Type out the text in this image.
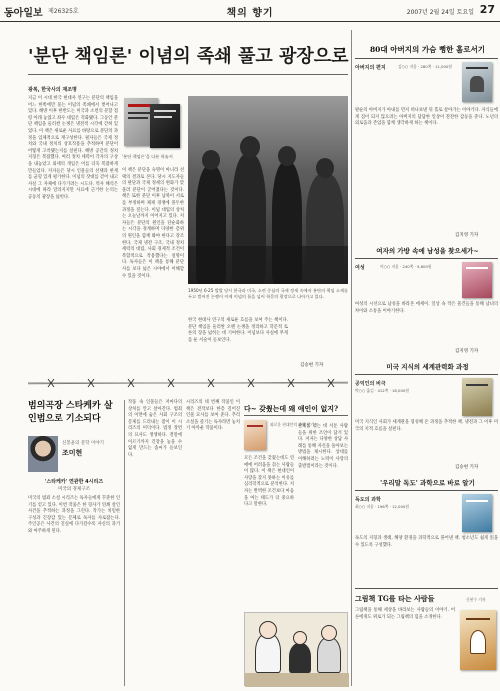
동아일보 제26325호	책의 향기	2007년 2월 24일 토요일 27
'분단 책임론' 이념의 족쇄 풀고 광장으로
광복, 한국사의 재조명
지금 이 시대 한국 현대사 연구는 분단의 책임을 어느 한쪽에만 묻는 이념의 족쇄에서 벗어나고 있다. 해방 이후 한반도는 미국과 소련의 분할 점령 아래 놓였고 좌우 대립은 격화됐다. 그동안 분단 책임을 둘러싼 논쟁은 냉전적 시각에 갇혀 있었다. 이 책은 새로운 사료를 바탕으로 분단의 과정을 입체적으로 재구성한다. 필자들은 국제 정치와 국내 정치의 상호작용을 추적하며 분단이 어떻게 고착됐는지를 살핀다. 해방 공간의 정치 지형은 복잡했다. 여러 정치 세력이 각자의 구상을 내놓았고 외세의 개입은 이를 더욱 복잡하게 만들었다. 저자들은 당시 인물들의 선택과 한계를 균형 있게 평가한다. 이념의 잣대를 걷어 내고 사실 그 자체에 다가가려는 시도다. 역사 해석은 시대에 따라 달라지지만 사료에 근거한 논의는 공동의 광장을 넓힌다.
'분단 책임론'을 다룬 학술서
이 책은 분단을 숙명이 아니라 선택의 결과로 본다. 당시 지도자들의 판단과 국제 정세의 변화가 맞물려 분단이 굳어졌다는 것이다. 책은 또한 분단 이후 남북이 서로를 부정하며 체제 경쟁에 몰두한 과정을 짚는다. 이념 대립의 상처는 오늘날까지 이어지고 있다. 저자들은 분단의 원인을 단순화하는 시각을 경계하며 다양한 층위의 원인을 함께 봐야 한다고 강조한다. 국제 냉전 구조, 국내 정치 세력의 대립, 사회 경제적 조건이 복합적으로 작용했다는 설명이다. 독자들은 이 책을 통해 분단사를 보다 넓은 시야에서 이해할 수 있을 것이다.
1950년 6·25 발발 당시 한국과 미국, 소련 중심의 국제 정세 속에서 분단의 책임 소재를 두고 벌어진 논쟁이 이제 이념의 틀을 넘어 학문의 광장으로 나아가고 있다.
한국 현대사 연구의 새로운 흐름을 보여 주는 책이다. 분단 책임을 둘러싼 오랜 논쟁을 정리하고 학문적 토론의 장을 넓히는 데 기여한다. 이념보다 사실에 무게를 둔 서술이 돋보인다.
김승현 기자
범의곡장 스타케카 살인범으로 기소되다
신봉윤의 문학 이야기
조미현
'스타케카' 연관한 4시리즈
미국의 경제구조
미국의 범죄 소설 시리즈는 독자들에게 꾸준한 인기를 얻고 있다. 이번 작품은 한 형사가 연쇄 살인 사건을 추적하는 과정을 그린다. 작가는 치밀한 구성과 긴장감 있는 문체로 독자를 사로잡는다. 주인공은 사건의 진실에 다가갈수록 자신의 과거와 마주하게 된다.
작품 속 인물들은 저마다의 상처를 안고 살아간다. 범죄의 이면에 숨은 사회 구조의 문제를 드러내는 점이 이 시리즈의 미덕이다. 법정 장면의 묘사도 생생하다. 결말에 이르기까지 긴장을 놓을 수 없게 만드는 솜씨가 돋보인다.
시리즈의 네 번째 작품인 이 책은 전작보다 한층 깊어진 인물 묘사를 보여 준다. 추리 소설을 즐기는 독자라면 놓치기 아까운 작품이다.
다~ 갖췄는데 왜 애인이 없지?
외로운 현대인의 사랑 찾기
모든 조건을 갖췄는데도 연애에 어려움을 겪는 사람들이 많다. 이 책은 현대인이 사랑을 찾지 못하는 이유를 심리학적으로 분석한다. 저자는 완벽한 조건보다 마음을 여는 태도가 더 중요하다고 말한다.
관계를 맺는 데 서툰 사람들을 위한 조언이 담겨 있다. 저자는 다양한 상담 사례를 통해 자신을 돌아보는 방법을 제시한다. 상대를 이해하려는 노력이 사랑의 출발점이라는 것이다.
80대 아버지의 가슴 뻥한 홀로서기
아버지의 편지	김○○ 지음 · 280쪽 · 11,000원
팔순의 아버지가 아내를 먼저 떠나보낸 뒤 홀로 살아가는 이야기다. 자식들에게 짐이 되지 않으려는 아버지의 담담한 일상이 잔잔한 감동을 준다. 노년의 외로움과 존엄을 함께 생각하게 하는 책이다.
김지영 기자
여자의 가방 속에 남성을 찾으세가~
여성	이○○ 지음 · 240쪽 · 9,800원
여성의 시선으로 남성을 바라본 에세이. 일상 속 작은 물건들을 통해 남녀의 차이와 소통을 이야기한다.
김지영 기자
미국 지식의 세계관력화 과정
공익인의 비극
박○○ 옮김 · 412쪽 · 18,000원
미국 지식인 사회가 세계관을 형성해 온 과정을 추적한 책. 냉전과 그 이후 미국의 지적 흐름을 살핀다.
김승현 기자
'우리말 독도' 과학으로 바로 알기
독도의 과학
최○○ 지음 · 196쪽 · 12,000원
독도의 지형과 생태, 해양 환경을 과학적으로 풀어낸 책. 청소년도 쉽게 읽을 수 있도록 구성했다.
그림책 TG를 타는 사람들	신현수 기자
그림책을 통해 세상을 바라보는 사람들의 이야기. 어른에게도 위로가 되는 그림책의 힘을 소개한다.
